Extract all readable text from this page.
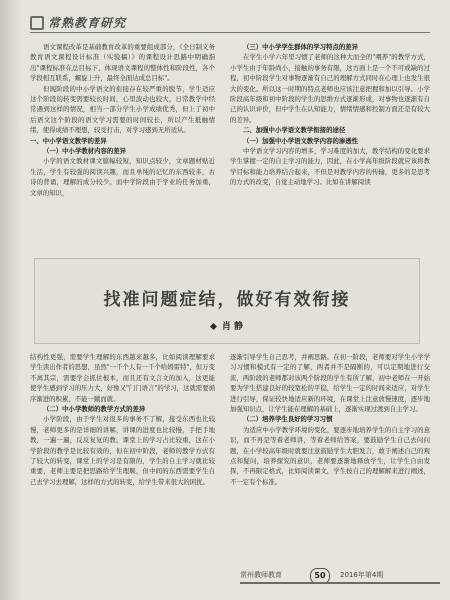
常熟教育研究

语文课程改革是基础教育改革的重要组成部分，《全日制义务教育语文课程设计标准（实验稿）》的课程设计思路中明确指出"课程标准在总目标下，体现语文课程的整体性和阶段性，各个学段相互联系，螺旋上升，最终全面达成总目标"。

但现阶段的中小学语文的衔接存在较严重的脱节，学生适应这个阶段的转变需要较长时间，心里波动也较大，日常教学中经常遇到这样的情况，相当一部分学生小学成绩优秀，但上了初中后语文这个阶段的语文学习需要的时间较长，所以产生抵触情绪，使得成绩不理想，较受打击，对学习感到无所适从。

一、中小学语文教学的差异

（一）中小学教材内容的差异

小学的语文教材课文篇幅较短，知识点较少，文章题材贴近生活，学生有较强的阅读兴趣，而且单纯的记忆的东西较多，古诗的背诵，理解的成分较少。而中学阶段由于学业的任务加重，文章的知识，

（三）中小学学生群体的学习特点的差异

在学生小学六年里习惯了老师的这种大而全的"喂养"的教学方式，小学生由于年龄尚小，接触的事务有限，这方面上是一个不可或缺的过程，初中阶段学生对事物逐渐有自己的理解方式同时在心理上也发生很大的变化。所以这一时期的特点老师也应该注意把握和加以引导。小学阶段高年级和初中阶段的学生的思维方式逐渐形成，对事物也逐渐有自己的认识评价，但中学生在认知能力，情绪情感和控制方面还是有较大的差异。

二、加强中小学语文教学衔接的途径

（一）加强中小学语文教学内容的渗透性

中学语文学习内容的增多，学习难度的加大，教学结构的变化要求学生掌握一定的自主学习的能力，因此，在小学高年级阶段就应该将教学目标和能力培养结合起来，不但是对教学内容的传输，更多的是思考的方式的改变，自觉主动地学习。比如在讲解阅读

找准问题症结，做好有效衔接
肖 静

结构性更强，需要学生理解的东西越来越多，比如阅读理解要求学生读出作者的思想，虽然"一千个人有一千个哈姆雷特"，但万变不离其宗，需要学会抓住根本，而且还有文言文的加入，这更能使学生感到学习的压力大，好像又"门门语言"的学习，这就需要循序渐进的积累，不能一蹴而就。

（二）中小学教师的教学方式的差异

小学阶段，由于学生对很多的事务不了解，接受东西也比较慢，老师更多的是详细的讲解，讲课的进度也比较慢，手把手地教，一遍一遍，反反复复的教。课堂上的学习占比较重，这在小学阶段的教学是比较有效的，但在初中阶段，老师的教学方式有了较大的转变，课堂上的学习是有限的，学生的自主学习就比较重要，老师主要是把思路给学生理顺，但中间的东西需要学生自己去学习去理解，这样的方式的转变，给学生带来很大的困扰。

逐渐引导学生自己思考，并阐思路。在初一阶段，老师要对学生小学学习习惯和模式有一定的了解，两者并不是隔断的，可以定期地进行交流，两阶段的老师都对该两个阶段的学生有所了解，初中老师在一开始要为学生搭建良好的较宽松的平稳，给学生一定的时间来适应，对学生进行引导，保证较快地适应新的环境，在课堂上注意放慢速度，逐步地加强知识点，让学生能在理解的基础上，逐渐实现过渡到自主学习。

（二）培养学生良好的学习习惯

为适应中小学教学环境的变化，要逐步地培养学生的自主学习的意识，而不再是等着老师讲，等着老师给答案，要鼓励学生自己去问问题，在小学较高年级时就要注意鼓励学生大胆发言，敢于阐述自己的观点和疑问，培养探究的意识，老师要逐渐地释放学生，让学生自由发挥，不再限定格式，比如阅读课文，学生按自己的理解解来进行阐述，不一定有个标准。

常州教师教育	50	2016年第4期
